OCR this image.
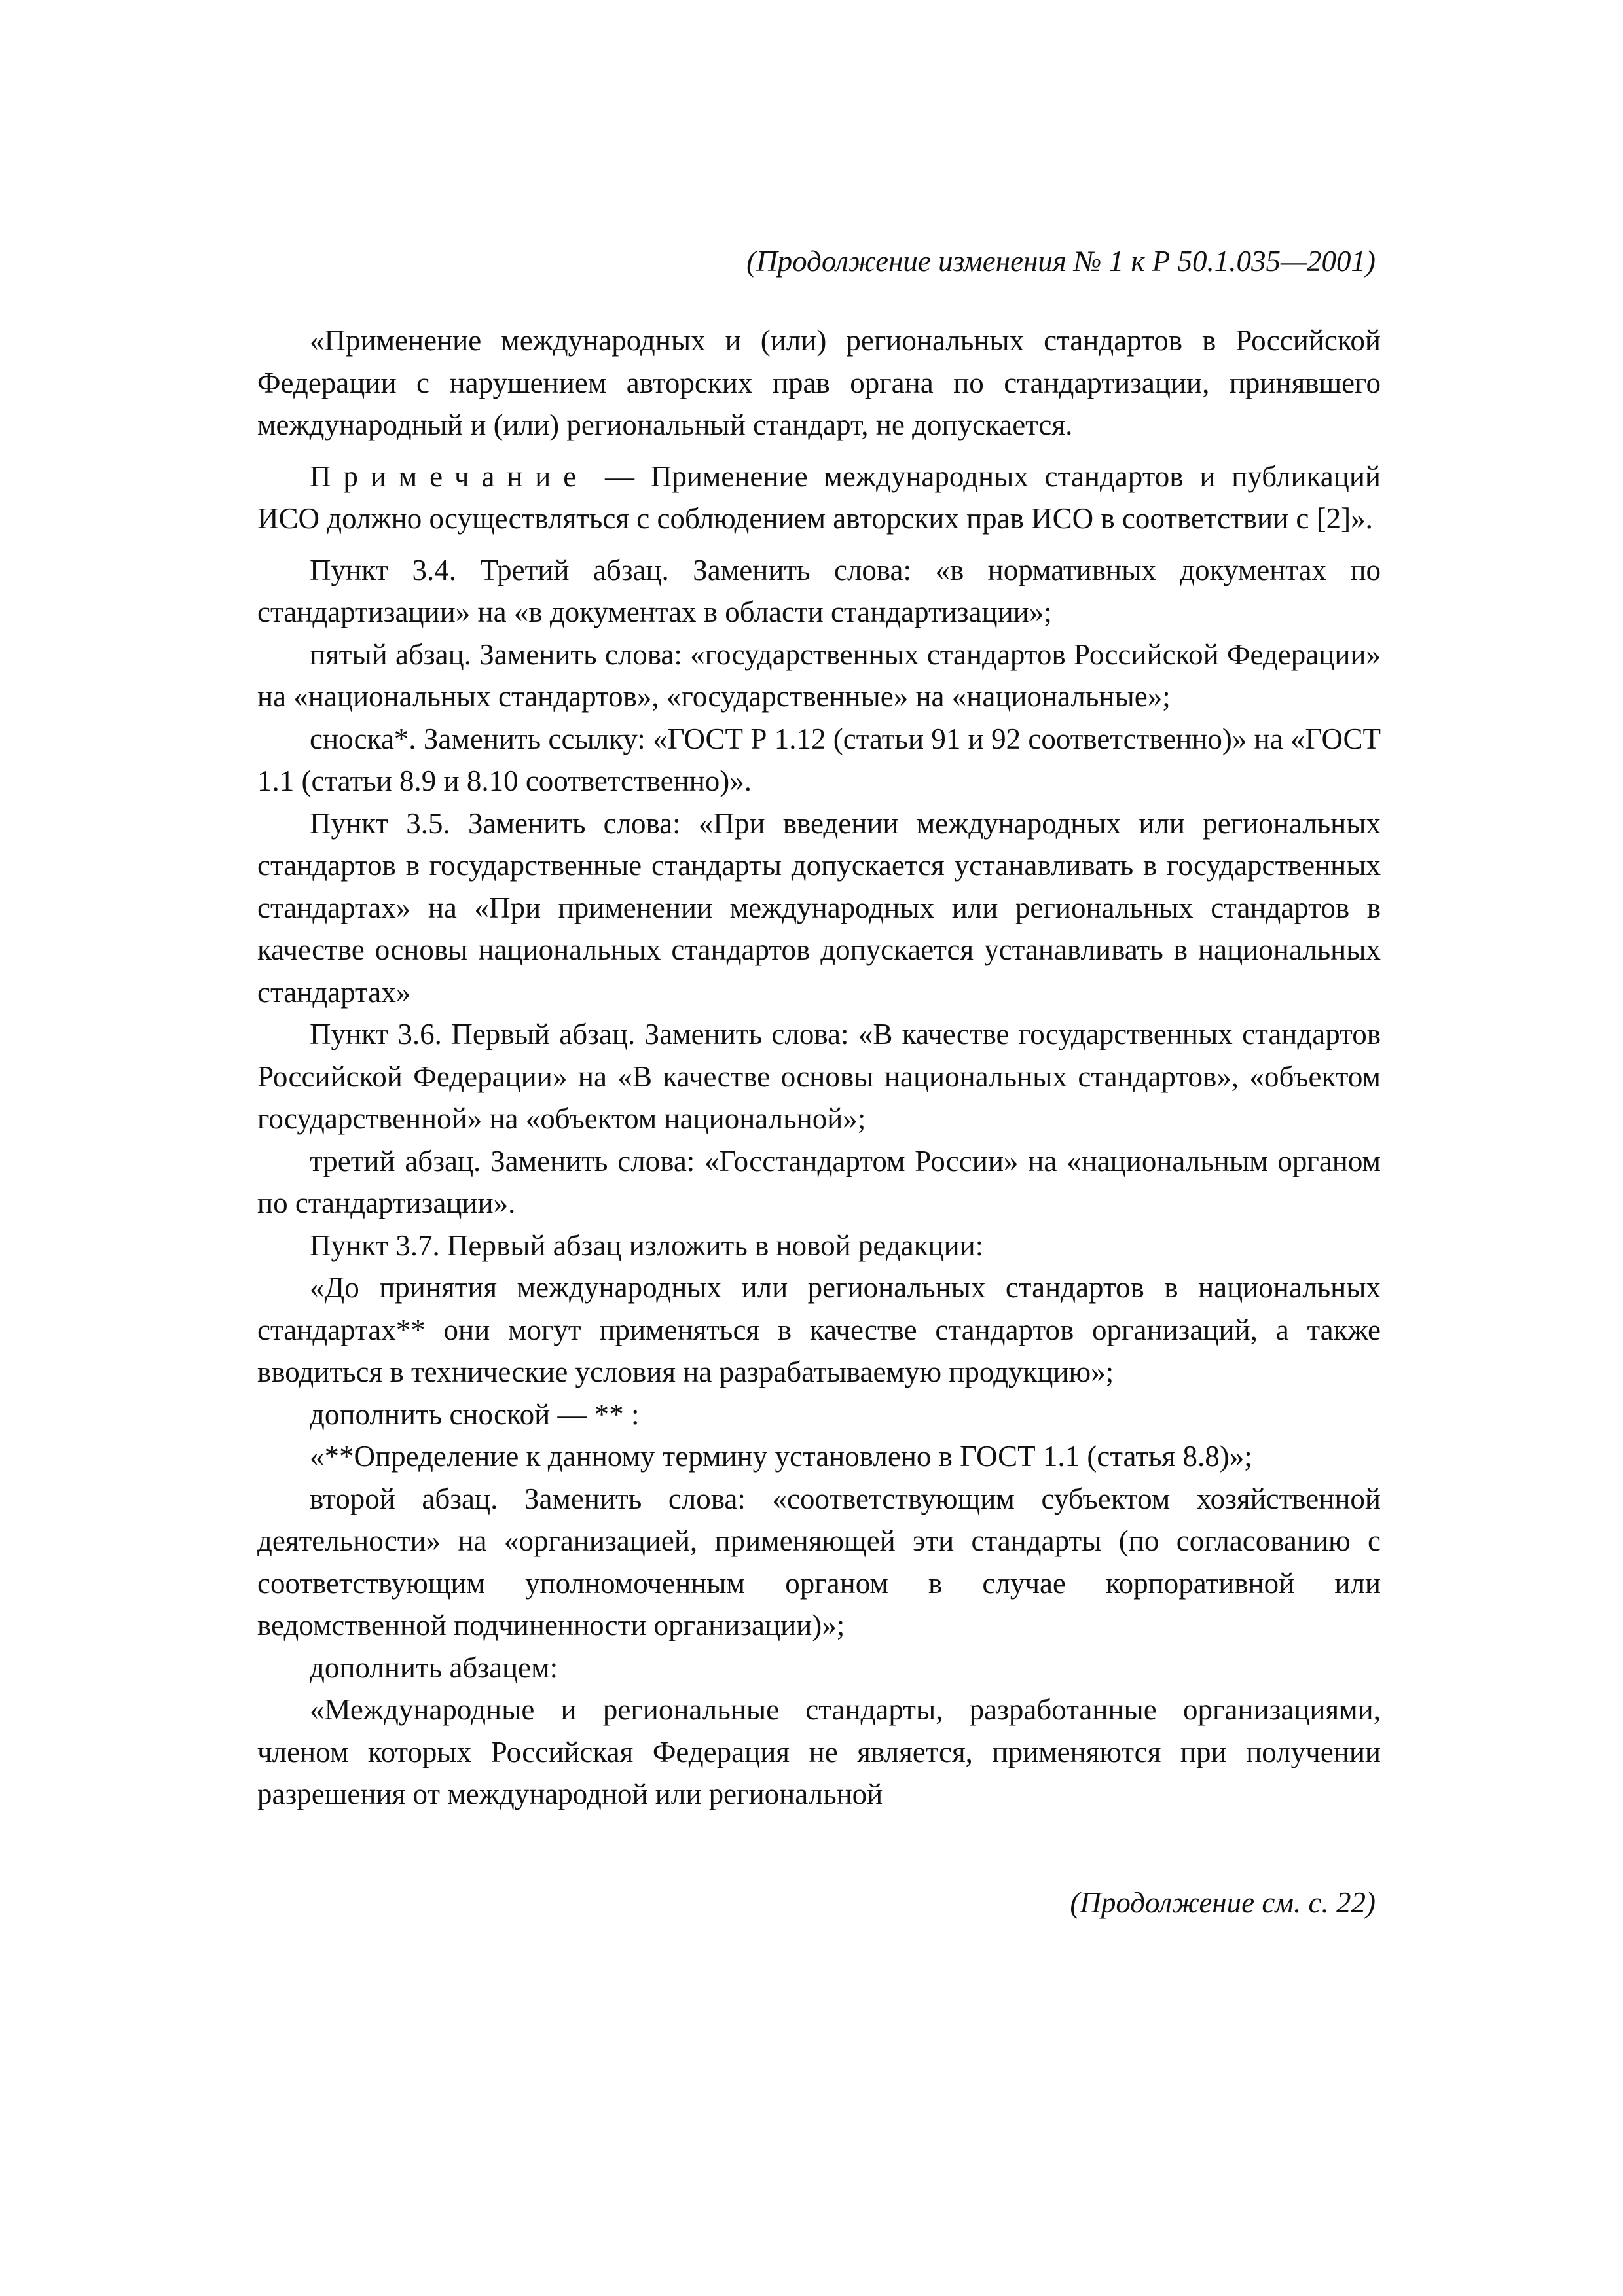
(Продолжение изменения № 1 к Р 50.1.035—2001)

«Применение международных и (или) региональных стандартов в Российской Федерации с нарушением авторских прав органа по стандартизации, принявшего международный и (или) региональный стандарт, не допускается.

Примечание — Применение международных стандартов и публикаций ИСО должно осуществляться с соблюдением авторских прав ИСО в соответствии с [2]».

Пункт 3.4. Третий абзац. Заменить слова: «в нормативных документах по стандартизации» на «в документах в области стандартизации»;

пятый абзац. Заменить слова: «государственных стандартов Российской Федерации» на «национальных стандартов», «государственные» на «национальные»;

сноска*. Заменить ссылку: «ГОСТ Р 1.12 (статьи 91 и 92 соответственно)» на «ГОСТ 1.1 (статьи 8.9 и 8.10 соответственно)».

Пункт 3.5. Заменить слова: «При введении международных или региональных стандартов в государственные стандарты допускается устанавливать в государственных стандартах» на «При применении международных или региональных стандартов в качестве основы национальных стандартов допускается устанавливать в национальных стандартах»

Пункт 3.6. Первый абзац. Заменить слова: «В качестве государственных стандартов Российской Федерации» на «В качестве основы национальных стандартов», «объектом государственной» на «объектом национальной»;

третий абзац. Заменить слова: «Госстандартом России» на «национальным органом по стандартизации».

Пункт 3.7. Первый абзац изложить в новой редакции:

«До принятия международных или региональных стандартов в национальных стандартах** они могут применяться в качестве стандартов организаций, а также вводиться в технические условия на разрабатываемую продукцию»;

дополнить сноской — ** :

«**Определение к данному термину установлено в ГОСТ 1.1 (статья 8.8)»;

второй абзац. Заменить слова: «соответствующим субъектом хозяйственной деятельности» на «организацией, применяющей эти стандарты (по согласованию с соответствующим уполномоченным органом в случае корпоративной или ведомственной подчиненности организации)»;

дополнить абзацем:

«Международные и региональные стандарты, разработанные организациями, членом которых Российская Федерация не является, применяются при получении разрешения от международной или региональной

(Продолжение см. с. 22)
